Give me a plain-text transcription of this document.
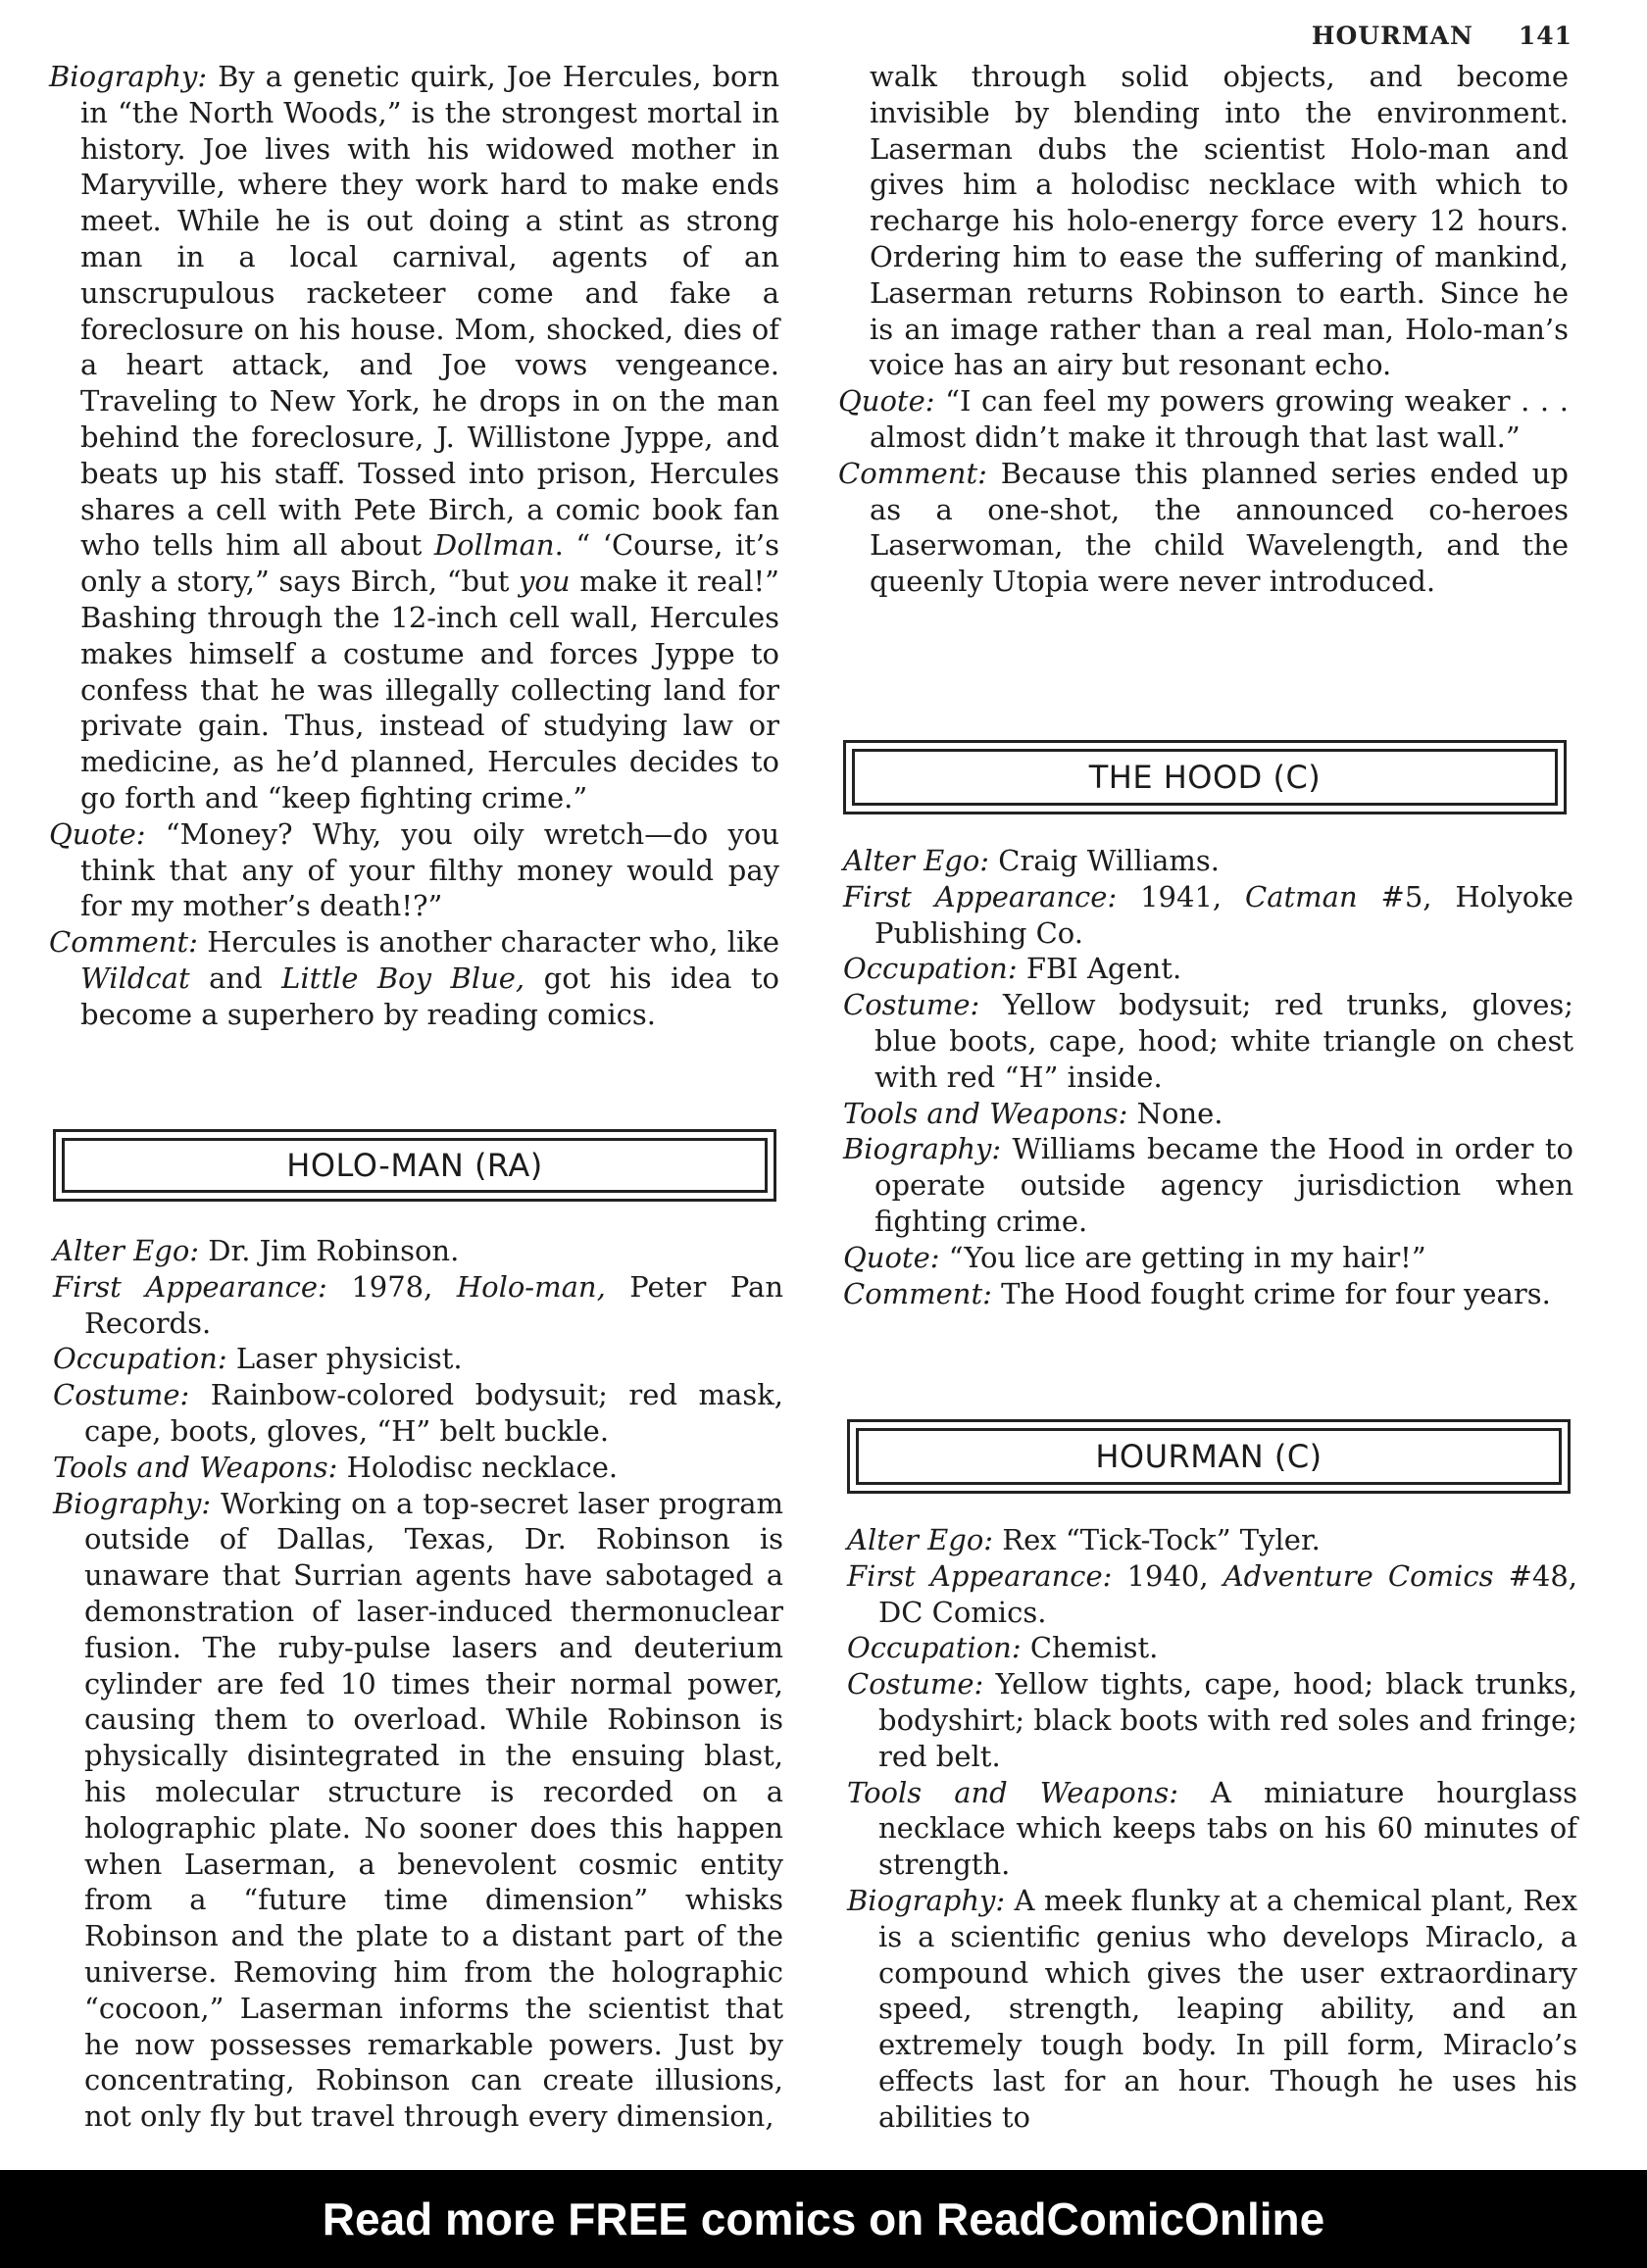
HOURMAN 141

Biography: By a genetic quirk, Joe Hercules, born in “the North Woods,” is the strongest mortal in history. Joe lives with his widowed mother in Maryville, where they work hard to make ends meet. While he is out doing a stint as strong man in a local carnival, agents of an unscrupulous racketeer come and fake a foreclosure on his house. Mom, shocked, dies of a heart attack, and Joe vows vengeance. Traveling to New York, he drops in on the man behind the foreclosure, J. Willistone Jyppe, and beats up his staff. Tossed into prison, Hercules shares a cell with Pete Birch, a comic book fan who tells him all about Dollman. “ ‘Course, it’s only a story,” says Birch, “but you make it real!” Bashing through the 12-inch cell wall, Hercules makes himself a costume and forces Jyppe to confess that he was illegally collecting land for private gain. Thus, instead of studying law or medicine, as he’d planned, Hercules decides to go forth and “keep fighting crime.”

Quote: “Money? Why, you oily wretch—do you think that any of your filthy money would pay for my mother’s death!?”

Comment: Hercules is another character who, like Wildcat and Little Boy Blue, got his idea to become a superhero by reading comics.

HOLO-MAN (RA)

Alter Ego: Dr. Jim Robinson.

First Appearance: 1978, Holo-man, Peter Pan Records.

Occupation: Laser physicist.

Costume: Rainbow-colored bodysuit; red mask, cape, boots, gloves, “H” belt buckle.

Tools and Weapons: Holodisc necklace.

Biography: Working on a top-secret laser program outside of Dallas, Texas, Dr. Robinson is unaware that Surrian agents have sabotaged a demonstration of laser-induced thermonuclear fusion. The ruby-pulse lasers and deuterium cylinder are fed 10 times their normal power, causing them to overload. While Robinson is physically disintegrated in the ensuing blast, his molecular structure is recorded on a holographic plate. No sooner does this happen when Laserman, a benevolent cosmic entity from a “future time dimension” whisks Robinson and the plate to a distant part of the universe. Removing him from the holographic “cocoon,” Laserman informs the scientist that he now possesses remarkable powers. Just by concentrating, Robinson can create illusions, not only fly but travel through every dimension,

walk through solid objects, and become invisible by blending into the environment. Laserman dubs the scientist Holo-man and gives him a holodisc necklace with which to recharge his holo-energy force every 12 hours. Ordering him to ease the suffering of mankind, Laserman returns Robinson to earth. Since he is an image rather than a real man, Holo-man’s voice has an airy but resonant echo.

Quote: “I can feel my powers growing weaker . . . almost didn’t make it through that last wall.”

Comment: Because this planned series ended up as a one-shot, the announced co-heroes Laserwoman, the child Wavelength, and the queenly Utopia were never introduced.

THE HOOD (C)

Alter Ego: Craig Williams.

First Appearance: 1941, Catman #5, Holyoke Publishing Co.

Occupation: FBI Agent.

Costume: Yellow bodysuit; red trunks, gloves; blue boots, cape, hood; white triangle on chest with red “H” inside.

Tools and Weapons: None.

Biography: Williams became the Hood in order to operate outside agency jurisdiction when fighting crime.

Quote: “You lice are getting in my hair!”

Comment: The Hood fought crime for four years.

HOURMAN (C)

Alter Ego: Rex “Tick-Tock” Tyler.

First Appearance: 1940, Adventure Comics #48, DC Comics.

Occupation: Chemist.

Costume: Yellow tights, cape, hood; black trunks, bodyshirt; black boots with red soles and fringe; red belt.

Tools and Weapons: A miniature hourglass necklace which keeps tabs on his 60 minutes of strength.

Biography: A meek flunky at a chemical plant, Rex is a scientific genius who develops Miraclo, a compound which gives the user extraordinary speed, strength, leaping ability, and an extremely tough body. In pill form, Miraclo’s effects last for an hour. Though he uses his abilities to

Read more FREE comics on ReadComicOnline
